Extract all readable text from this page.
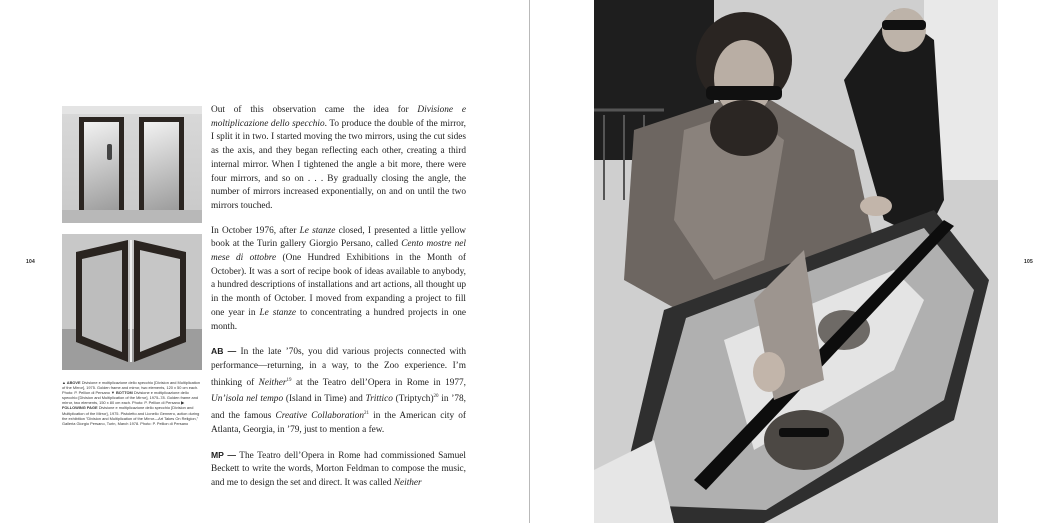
104
▲ ABOVE Divisione e moltiplicazione dello specchio [Division and Multiplication of the Mirror], 1975. Golden frame and mirror, two elements, 120 x 50 cm each. Photo: P. Pellion di Persano ▼ BOTTOM Divisione e moltiplicazione dello specchio [Division and Multiplication of the Mirror], 1975–78. Golden frame and mirror, two elements, 150 x 80 cm each. Photo: P. Pellion di Persano ▶ FOLLOWING PAGE Divisione e moltiplicazione dello specchio [Division and Multiplication of the Mirror], 1975. Pistoletto and Lionello Gennero, action during the exhibition "Division and Multiplication of the Mirror—Art Takes On Religion," Galleria Giorgio Persano, Turin, March 1978. Photo: P. Pellion di Persano

Out of this observation came the idea for Divisione e moltiplicazione dello specchio. To produce the double of the mirror, I split it in two. I started moving the two mirrors, using the cut sides as the axis, and they began reflecting each other, creating a third internal mirror. When I tightened the angle a bit more, there were four mirrors, and so on . . . By gradually closing the angle, the number of mirrors increased exponentially, on and on until the two mirrors touched.

In October 1976, after Le stanze closed, I presented a little yellow book at the Turin gallery Giorgio Persano, called Cento mostre nel mese di ottobre (One Hundred Exhibitions in the Month of October). It was a sort of recipe book of ideas available to anybody, a hundred descriptions of installations and art actions, all thought up in the month of October. I moved from expanding a project to fill one year in Le stanze to concentrating a hundred projects in one month.

AB — In the late ’70s, you did various projects connected with performance—returning, in a way, to the Zoo experience. I’m thinking of Neither$^{19}$ at the Teatro dell’Opera in Rome in 1977, Un’isola nel tempo (Island in Time) and Trittico (Triptych)$^{20}$ in ’78, and the famous Creative Collaboration$^{21}$ in the American city of Atlanta, Georgia, in ’79, just to mention a few.

MP — The Teatro dell’Opera in Rome had commissioned Samuel Beckett to write the words, Morton Feldman to compose the music, and me to design the set and direct. It was called Neither

105
